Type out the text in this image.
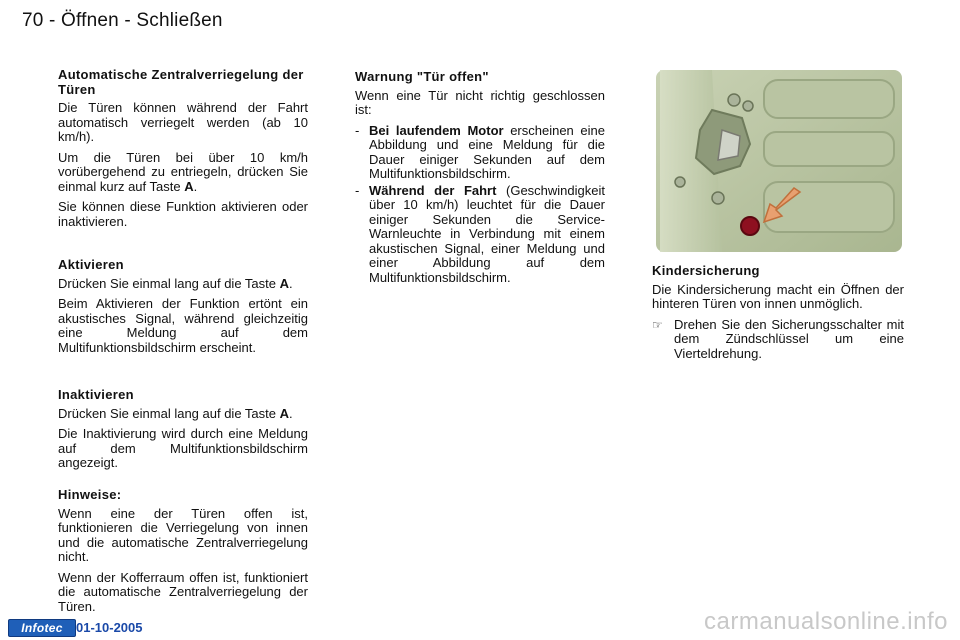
70 - Öffnen - Schließen
Automatische Zentralverriegelung der Türen

Die Türen können während der Fahrt automatisch verriegelt werden (ab 10 km/h).

Um die Türen bei über 10 km/h vorübergehend zu entriegeln, drücken Sie einmal kurz auf Taste A.

Sie können diese Funktion aktivieren oder inaktivieren.

Aktivieren

Drücken Sie einmal lang auf die Taste A.

Beim Aktivieren der Funktion ertönt ein akustisches Signal, während gleichzeitig eine Meldung auf dem Multifunktionsbildschirm erscheint.

Inaktivieren

Drücken Sie einmal lang auf die Taste A.

Die Inaktivierung wird durch eine Meldung auf dem Multifunktionsbildschirm angezeigt.

Hinweise:

Wenn eine der Türen offen ist, funktionieren die Verriegelung von innen und die automatische Zentralverriegelung nicht.

Wenn der Kofferraum offen ist, funktioniert die automatische Zentralverriegelung der Türen.

Warnung "Tür offen"

Wenn eine Tür nicht richtig geschlossen ist:

- Bei laufendem Motor erscheinen eine Abbildung und eine Meldung für die Dauer einiger Sekunden auf dem Multifunktionsbildschirm.
- Während der Fahrt (Geschwindigkeit über 10 km/h) leuchtet für die Dauer einiger Sekunden die Service-Warnleuchte in Verbindung mit einem akustischen Signal, einer Meldung und einer Abbildung auf dem Multifunktionsbildschirm.	Kindersicherung

Die Kindersicherung macht ein Öffnen der hinteren Türen von innen unmöglich.

☞ Drehen Sie den Sicherungsschalter mit dem Zündschlüssel um eine Vierteldrehung.
Infotec	01-10-2005	carmanualsonline.info
